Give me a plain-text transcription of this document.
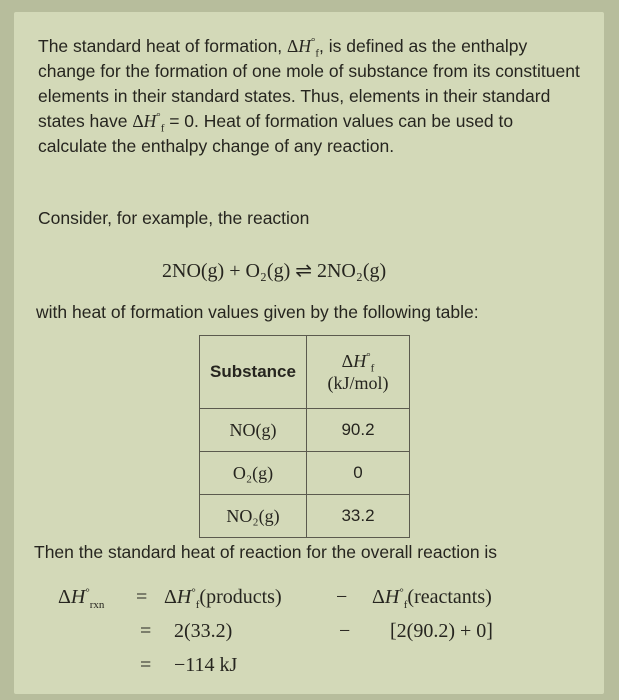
The standard heat of formation, $\Delta H^\circ_f$, is defined as the enthalpy change for the formation of one mole of substance from its constituent elements in their standard states. Thus, elements in their standard states have $\Delta H^\circ_f = 0$. Heat of formation values can be used to calculate the enthalpy change of any reaction.
Consider, for example, the reaction
2NO(g) + O₂(g) ⇌ 2NO₂(g)
with heat of formation values given by the following table:
Substance	$\Delta H^\circ_f$
(kJ/mol)
NO(g)	90.2
O₂(g)	0
NO₂(g)	33.2
Then the standard heat of reaction for the overall reaction is
$\Delta H^\circ_{rxn}$ = $\Delta H^\circ_f(products)$	− $\Delta H^\circ_f(reactants)$
= 2(33.2)	− [2(90.2) + 0]
= −114 kJ
